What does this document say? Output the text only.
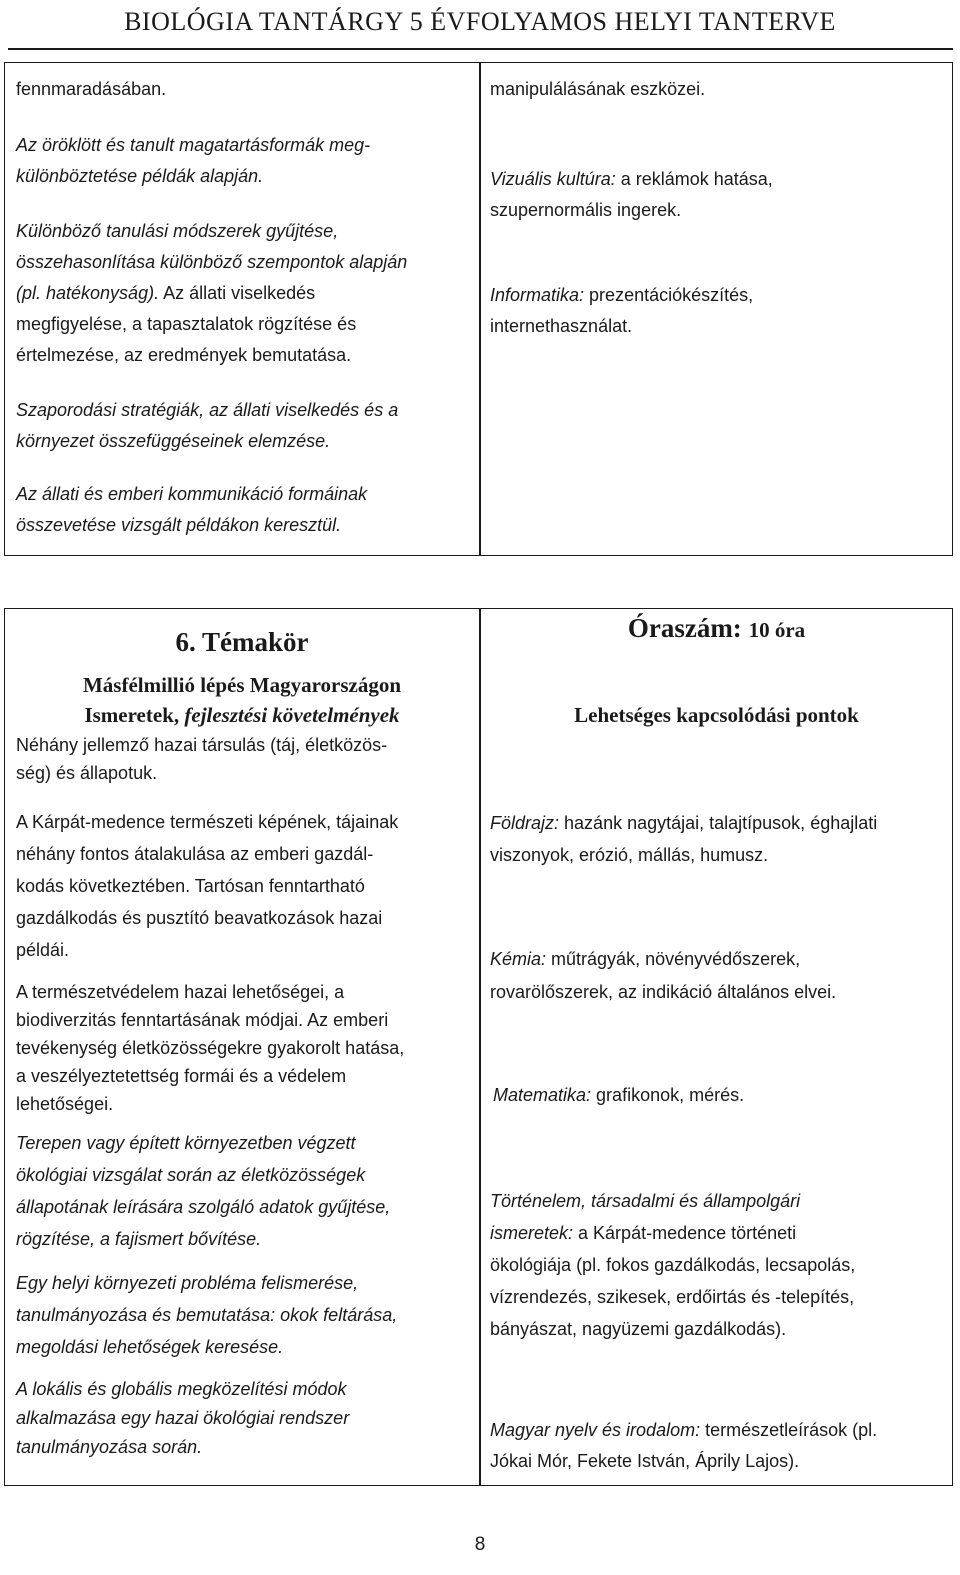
BIOLÓGIA TANTÁRGY 5 ÉVFOLYAMOS HELYI TANTERVE

fennmaradásában.

Az öröklött és tanult magatartásformák meg-
különböztetése példák alapján.

Különböző tanulási módszerek gyűjtése,
összehasonlítása különböző szempontok alapján
(pl. hatékonyság). Az állati viselkedés
megfigyelése, a tapasztalatok rögzítése és
értelmezése, az eredmények bemutatása.

Szaporodási stratégiák, az állati viselkedés és a
környezet összefüggéseinek elemzése.

Az állati és emberi kommunikáció formáinak
összevetése vizsgált példákon keresztül.

manipulálásának eszközei.

Vizuális kultúra: a reklámok hatása,
szupernormális ingerek.

Informatika: prezentációkészítés,
internethasználat.

6. Témakör
Másfélmillió lépés Magyarországon
Ismeretek, fejlesztési követelmények
Óraszám: 10 óra
Lehetséges kapcsolódási pontok

Néhány jellemző hazai társulás (táj, életközös-
ség) és állapotuk.

A Kárpát-medence természeti képének, tájainak
néhány fontos átalakulása az emberi gazdál-
kodás következtében. Tartósan fenntartható
gazdálkodás és pusztító beavatkozások hazai
példái.

A természetvédelem hazai lehetőségei, a
biodiverzitás fenntartásának módjai. Az emberi
tevékenység életközösségekre gyakorolt hatása,
a veszélyeztetettség formái és a védelem
lehetőségei.

Terepen vagy épített környezetben végzett
ökológiai vizsgálat során az életközösségek
állapotának leírására szolgáló adatok gyűjtése,
rögzítése, a fajismert bővítése.

Egy helyi környezeti probléma felismerése,
tanulmányozása és bemutatása: okok feltárása,
megoldási lehetőségek keresése.

A lokális és globális megközelítési módok
alkalmazása egy hazai ökológiai rendszer
tanulmányozása során.

Földrajz: hazánk nagytájai, talajtípusok, éghajlati
viszonyok, erózió, mállás, humusz.

Kémia: műtrágyák, növényvédőszerek,
rovarölőszerek, az indikáció általános elvei.

Matematika: grafikonok, mérés.

Történelem, társadalmi és állampolgári
ismeretek: a Kárpát-medence történeti
ökológiája (pl. fokos gazdálkodás, lecsapolás,
vízrendezés, szikesek, erdőirtás és -telepítés,
bányászat, nagyüzemi gazdálkodás).

Magyar nyelv és irodalom: természetleírások (pl.
Jókai Mór, Fekete István, Áprily Lajos).

8
